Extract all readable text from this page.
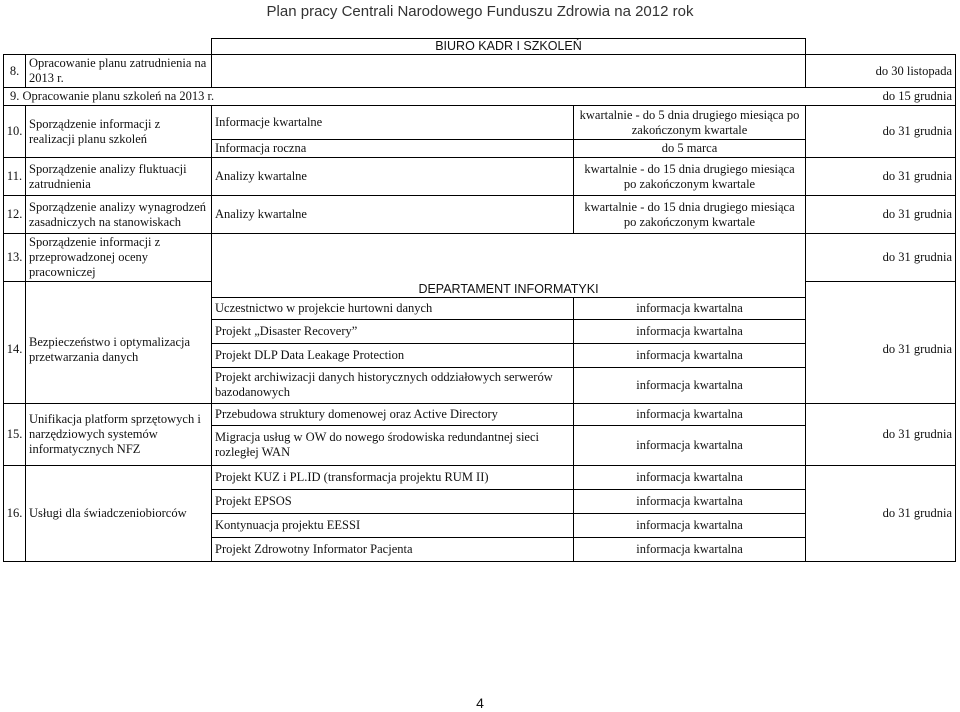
Plan pracy Centrali Narodowego Funduszu Zdrowia na 2012 rok
		BIURO KADR I SZKOLEŃ		
8.	Opracowanie planu zatrudnienia na 2013 r.			do 30 listopada
9. Opracowanie planu szkoleń na 2013 r.				do 15 grudnia
10.	Sporządzenie informacji z realizacji planu szkoleń	Informacje kwartalne	kwartalnie - do 5 dnia drugiego miesiąca po zakończonym kwartale	do 31 grudnia
		Informacja roczna	do 5 marca	
11.	Sporządzenie analizy fluktuacji zatrudnienia	Analizy kwartalne	kwartalnie - do 15 dnia drugiego miesiąca po zakończonym kwartale	do 31 grudnia
12.	Sporządzenie analizy wynagrodzeń zasadniczych na stanowiskach	Analizy kwartalne	kwartalnie - do 15 dnia drugiego miesiąca po zakończonym kwartale	do 31 grudnia
13.	Sporządzenie informacji z przeprowadzonej oceny pracowniczej			do 31 grudnia
		DEPARTAMENT INFORMATYKI		
14.	Bezpieczeństwo i optymalizacja przetwarzania danych	Uczestnictwo w projekcie hurtowni danych	informacja kwartalna	do 31 grudnia
		Projekt „Disaster Recovery”	informacja kwartalna	
		Projekt DLP Data Leakage Protection	informacja kwartalna	
		Projekt archiwizacji danych historycznych oddziałowych serwerów bazodanowych	informacja kwartalna	
15.	Unifikacja platform sprzętowych i narzędziowych systemów informatycznych NFZ	Przebudowa struktury domenowej oraz Active Directory	informacja kwartalna	do 31 grudnia
		Migracja usług w OW do nowego środowiska redundantnej sieci rozległej WAN	informacja kwartalna	
16.	Usługi dla świadczeniobiorców	Projekt KUZ i PL.ID (transformacja projektu RUM II)	informacja kwartalna	do 31 grudnia
		Projekt EPSOS	informacja kwartalna	
		Kontynuacja projektu EESSI	informacja kwartalna	
		Projekt Zdrowotny Informator Pacjenta	informacja kwartalna	
4
